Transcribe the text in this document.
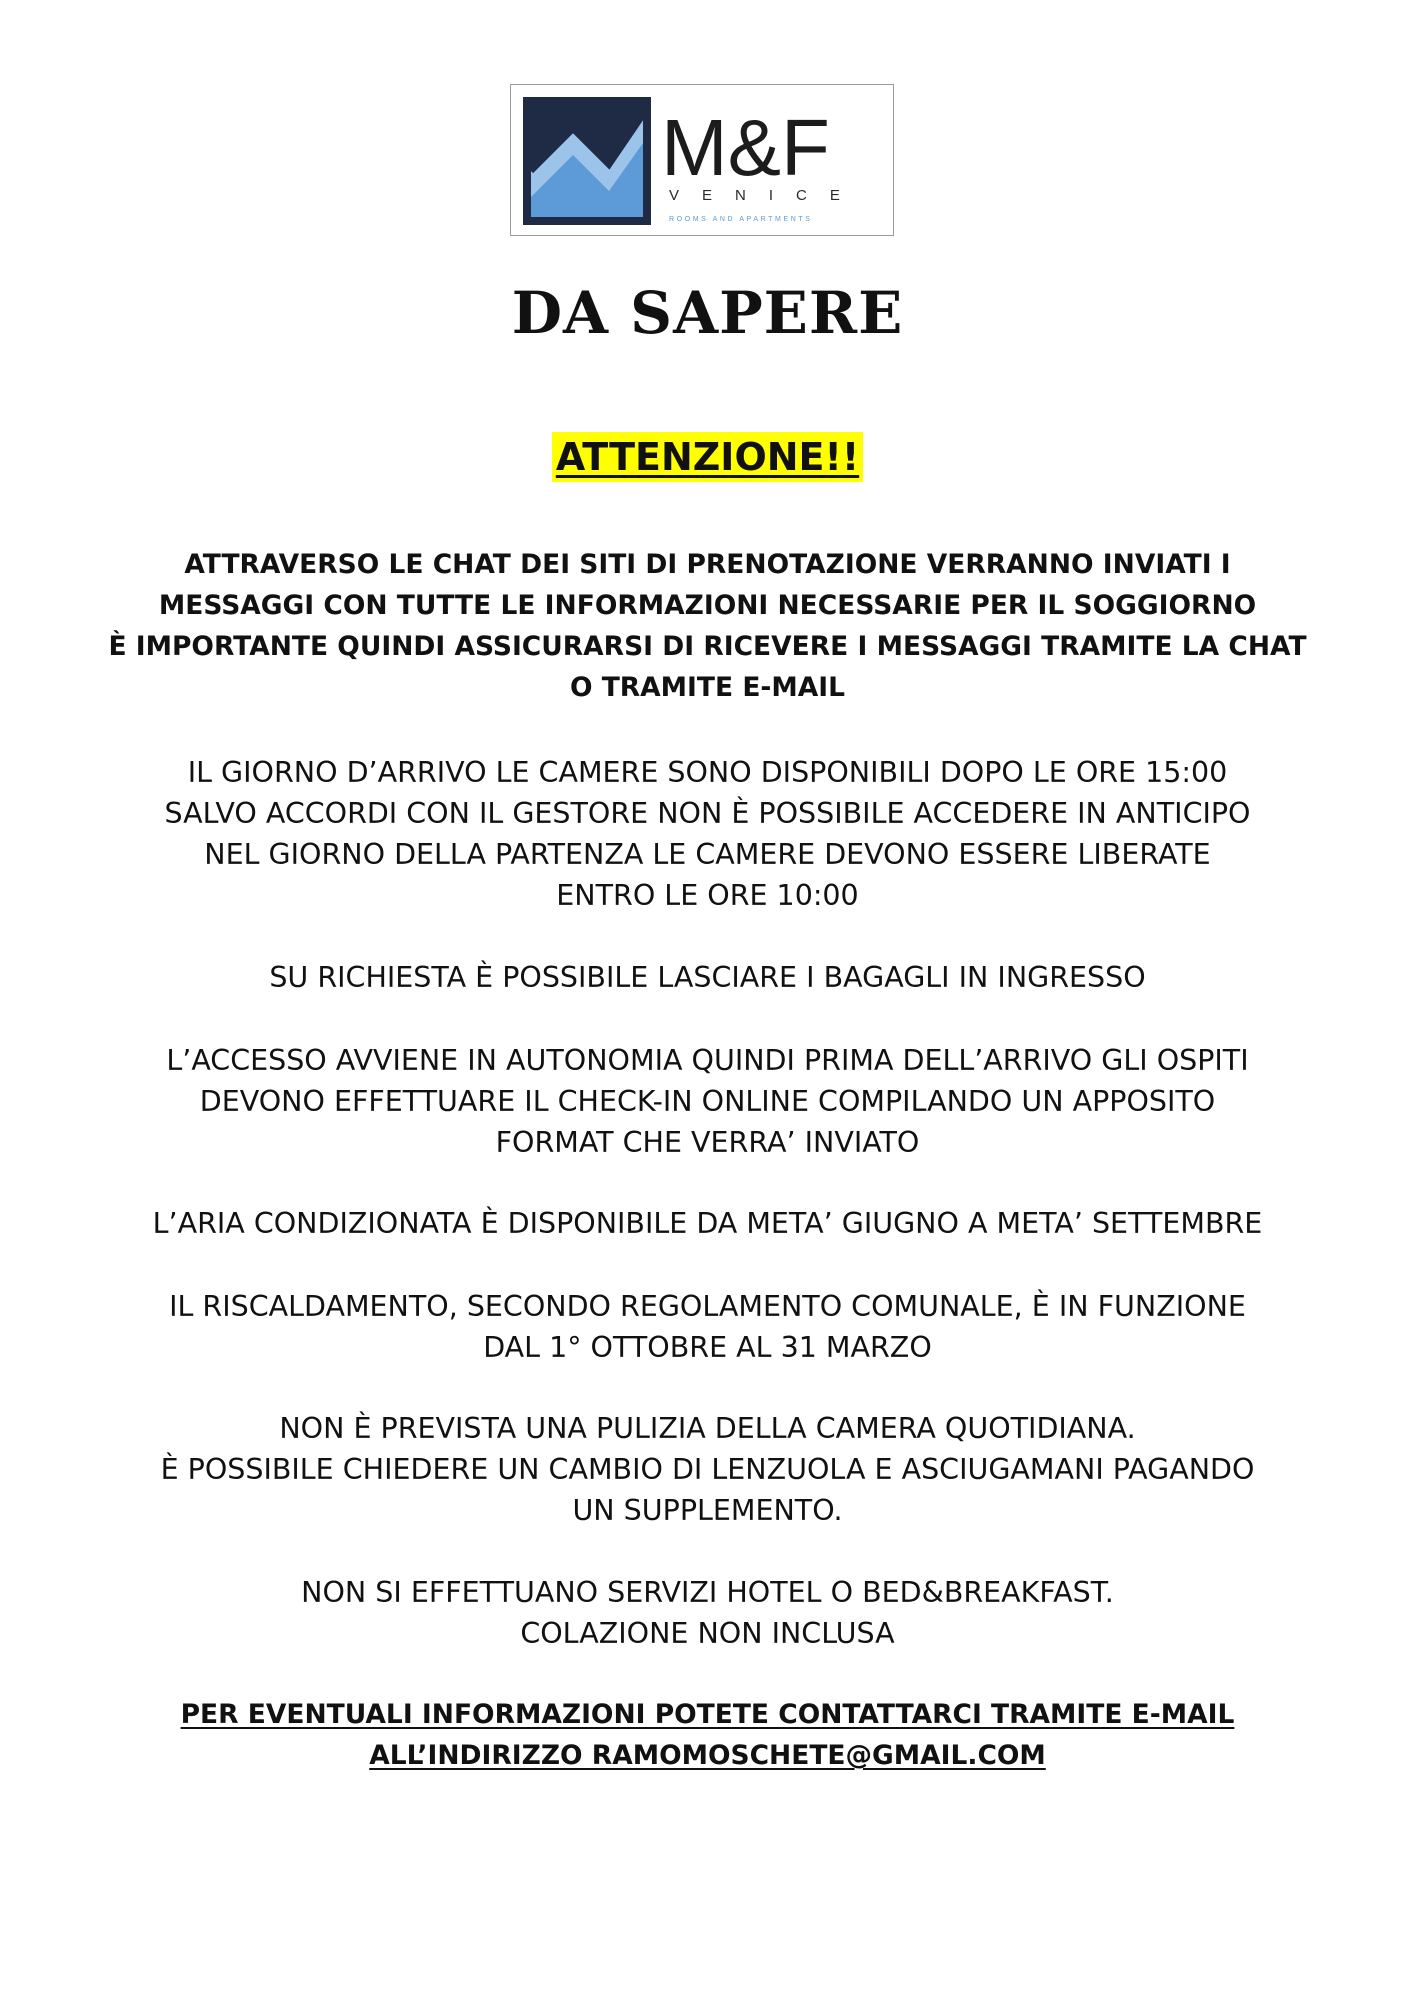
M&F
VENICE
ROOMS AND APARTMENTS
DA SAPERE
ATTENZIONE!!
ATTRAVERSO LE CHAT DEI SITI DI PRENOTAZIONE VERRANNO INVIATI I
MESSAGGI CON TUTTE LE INFORMAZIONI NECESSARIE PER IL SOGGIORNO
È IMPORTANTE QUINDI ASSICURARSI DI RICEVERE I MESSAGGI TRAMITE LA CHAT
O TRAMITE E-MAIL
IL GIORNO D’ARRIVO LE CAMERE SONO DISPONIBILI DOPO LE ORE 15:00
SALVO ACCORDI CON IL GESTORE NON È POSSIBILE ACCEDERE IN ANTICIPO
NEL GIORNO DELLA PARTENZA LE CAMERE DEVONO ESSERE LIBERATE
ENTRO LE ORE 10:00
SU RICHIESTA È POSSIBILE LASCIARE I BAGAGLI IN INGRESSO
L’ACCESSO AVVIENE IN AUTONOMIA QUINDI PRIMA DELL’ARRIVO GLI OSPITI
DEVONO EFFETTUARE IL CHECK-IN ONLINE COMPILANDO UN APPOSITO
FORMAT CHE VERRA’ INVIATO
L’ARIA CONDIZIONATA È DISPONIBILE DA META’ GIUGNO A META’ SETTEMBRE
IL RISCALDAMENTO, SECONDO REGOLAMENTO COMUNALE, È IN FUNZIONE
DAL 1° OTTOBRE AL 31 MARZO
NON È PREVISTA UNA PULIZIA DELLA CAMERA QUOTIDIANA.
È POSSIBILE CHIEDERE UN CAMBIO DI LENZUOLA E ASCIUGAMANI PAGANDO
UN SUPPLEMENTO.
NON SI EFFETTUANO SERVIZI HOTEL O BED&BREAKFAST.
COLAZIONE NON INCLUSA
PER EVENTUALI INFORMAZIONI POTETE CONTATTARCI TRAMITE E-MAIL
ALL’INDIRIZZO RAMOMOSCHETE@GMAIL.COM
